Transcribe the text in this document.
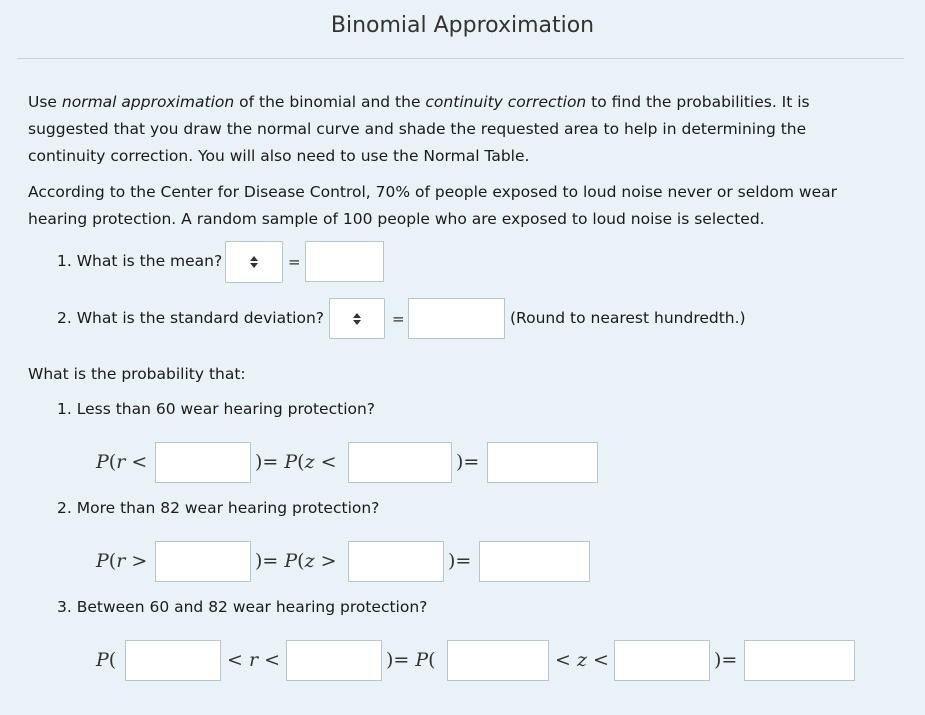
Binomial Approximation
Use normal approximation of the binomial and the continuity correction to find the probabilities. It is suggested that you draw the normal curve and shade the requested area to help in determining the continuity correction. You will also need to use the Normal Table.
According to the Center for Disease Control, 70% of people exposed to loud noise never or seldom wear hearing protection. A random sample of 100 people who are exposed to loud noise is selected.
1. What is the mean?	=
2. What is the standard deviation?	=	(Round to nearest hundredth.)
What is the probability that:
1. Less than 60 wear hearing protection?
P(r <	)= P(z <	)=
2. More than 82 wear hearing protection?
P(r >	)= P(z >	)=
3. Between 60 and 82 wear hearing protection?
P(	< r <	)= P(	< z <	)=
